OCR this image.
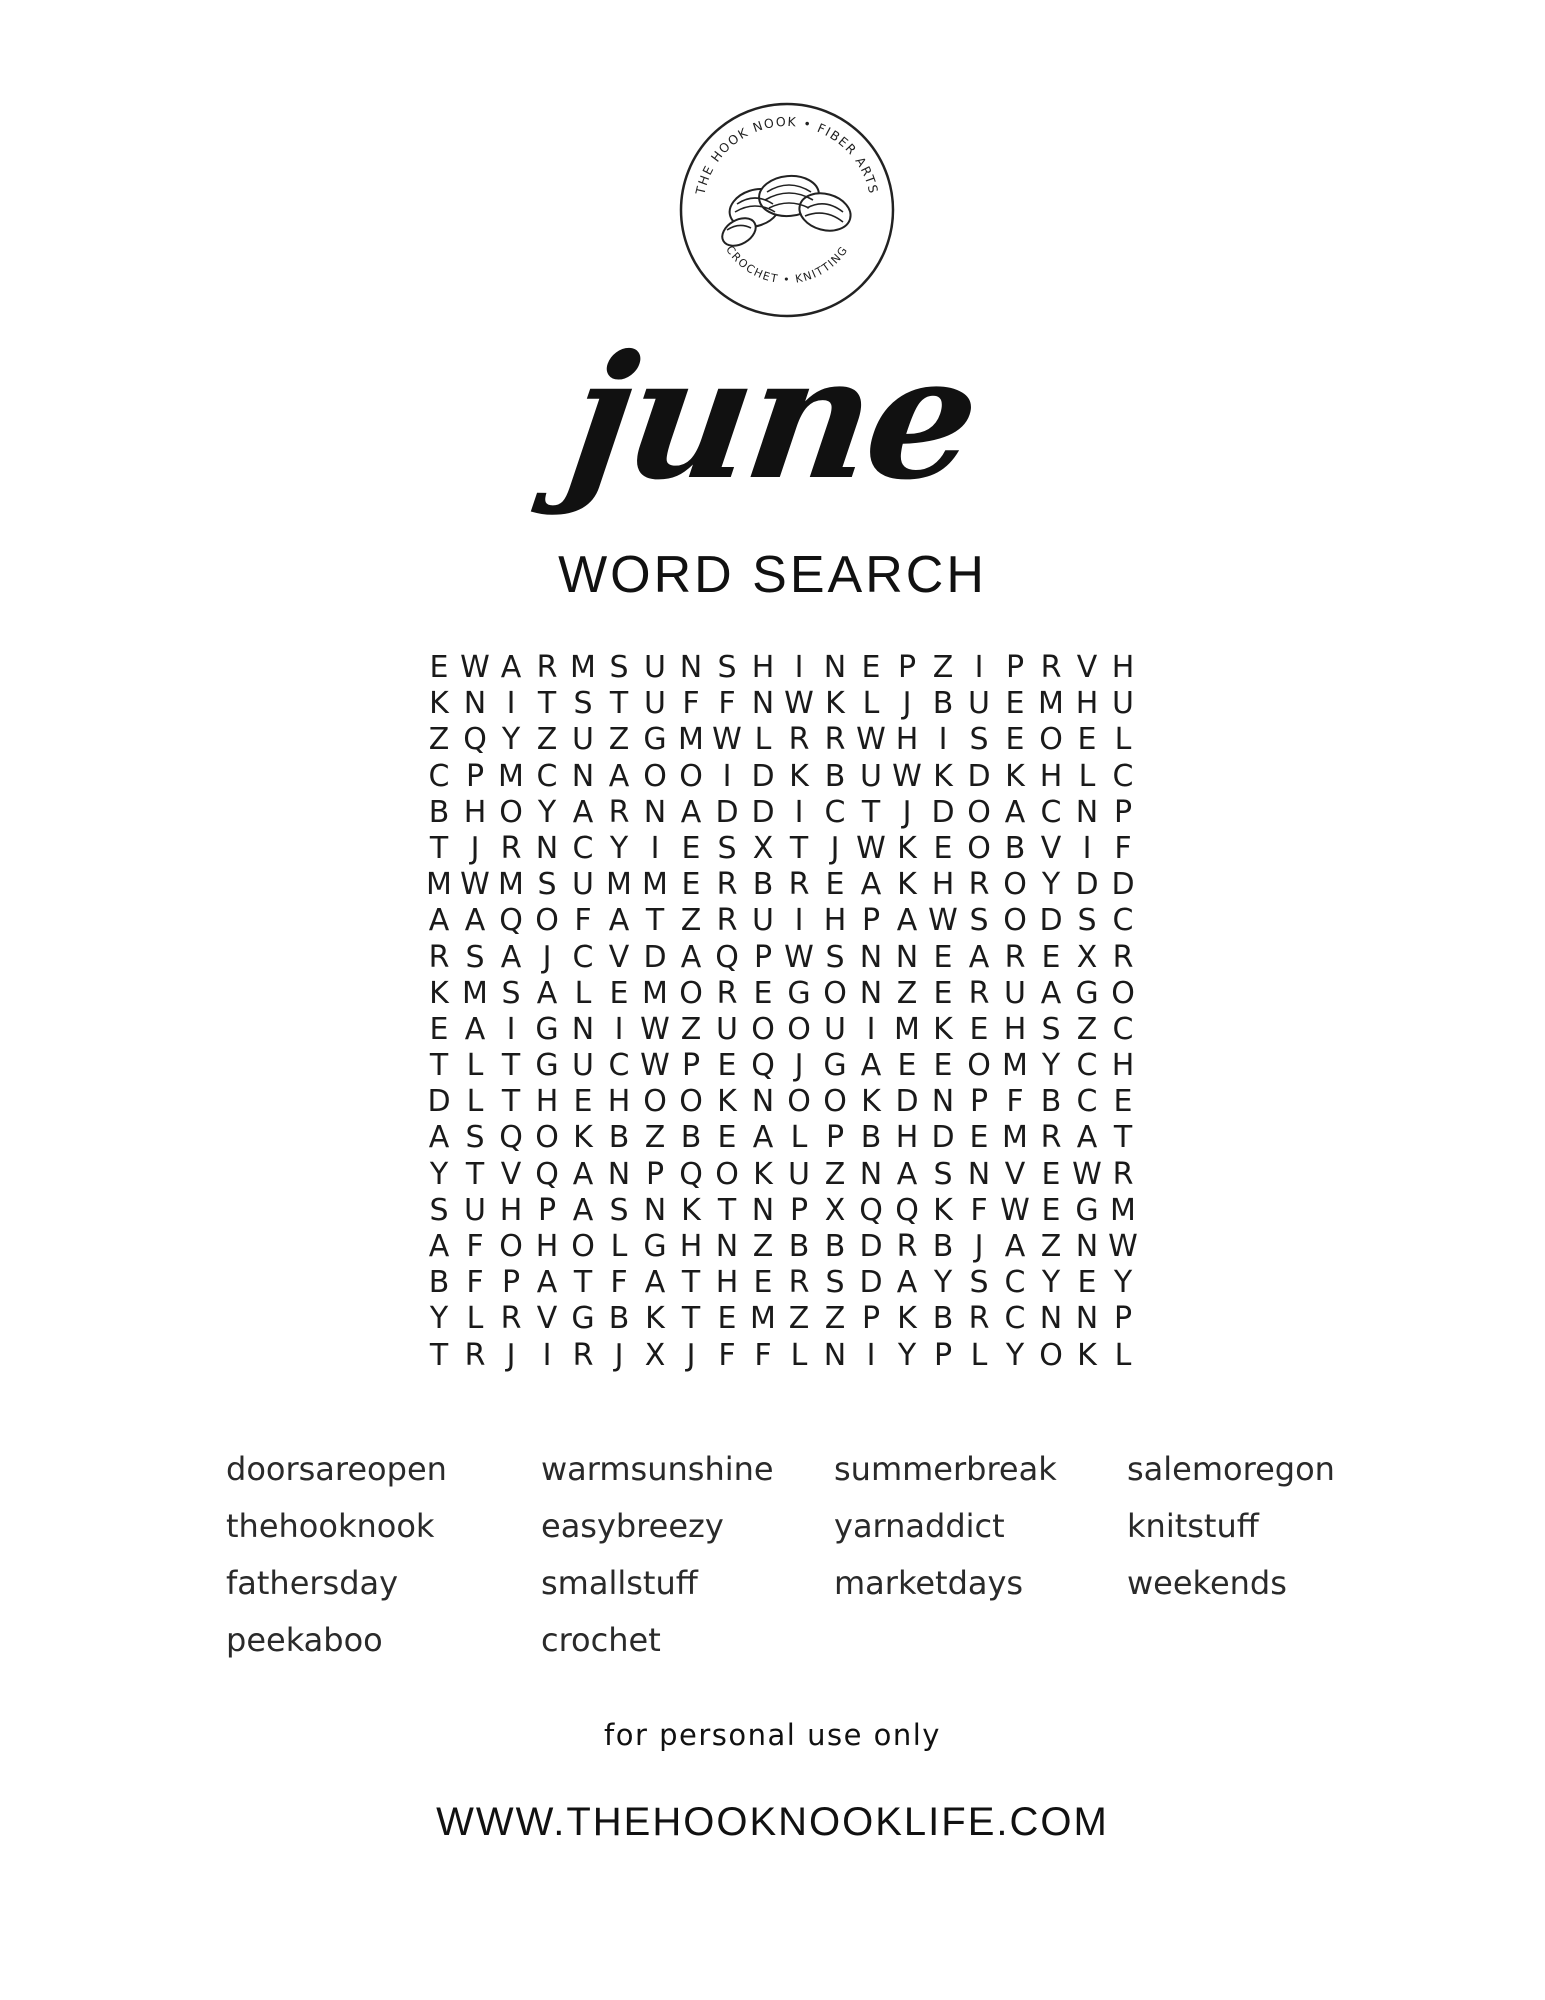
THE HOOK NOOK • FIBER ARTS
CROCHET • KNITTING
june
WORD SEARCH
E W A R M S U N S H I N E P Z I P R V H
K N I T S T U F F N W K L J B U E M H U
Z Q Y Z U Z G M W L R R W H I S E O E L
C P M C N A O O I D K B U W K D K H L C
B H O Y A R N A D D I C T J D O A C N P
T J R N C Y I E S X T J W K E O B V I F
M W M S U M M E R B R E A K H R O Y D D
A A Q O F A T Z R U I H P A W S O D S C
R S A J C V D A Q P W S N N E A R E X R
K M S A L E M O R E G O N Z E R U A G O
E A I G N I W Z U O O U I M K E H S Z C
T L T G U C W P E Q J G A E E O M Y C H
D L T H E H O O K N O O K D N P F B C E
A S Q O K B Z B E A L P B H D E M R A T
Y T V Q A N P Q O K U Z N A S N V E W R
S U H P A S N K T N P X Q Q K F W E G M
A F O H O L G H N Z B B D R B J A Z N W
B F P A T F A T H E R S D A Y S C Y E Y
Y L R V G B K T E M Z Z P K B R C N N P
T R J I R J X J F F L N I Y P L Y O K L
doorsareopen	warmsunshine	summerbreak	salemoregon
thehooknook	easybreezy	yarnaddict	knitstuff
fathersday	smallstuff	marketdays	weekends
peekaboo	crochet
for personal use only
WWW.THEHOOKNOOKLIFE.COM
